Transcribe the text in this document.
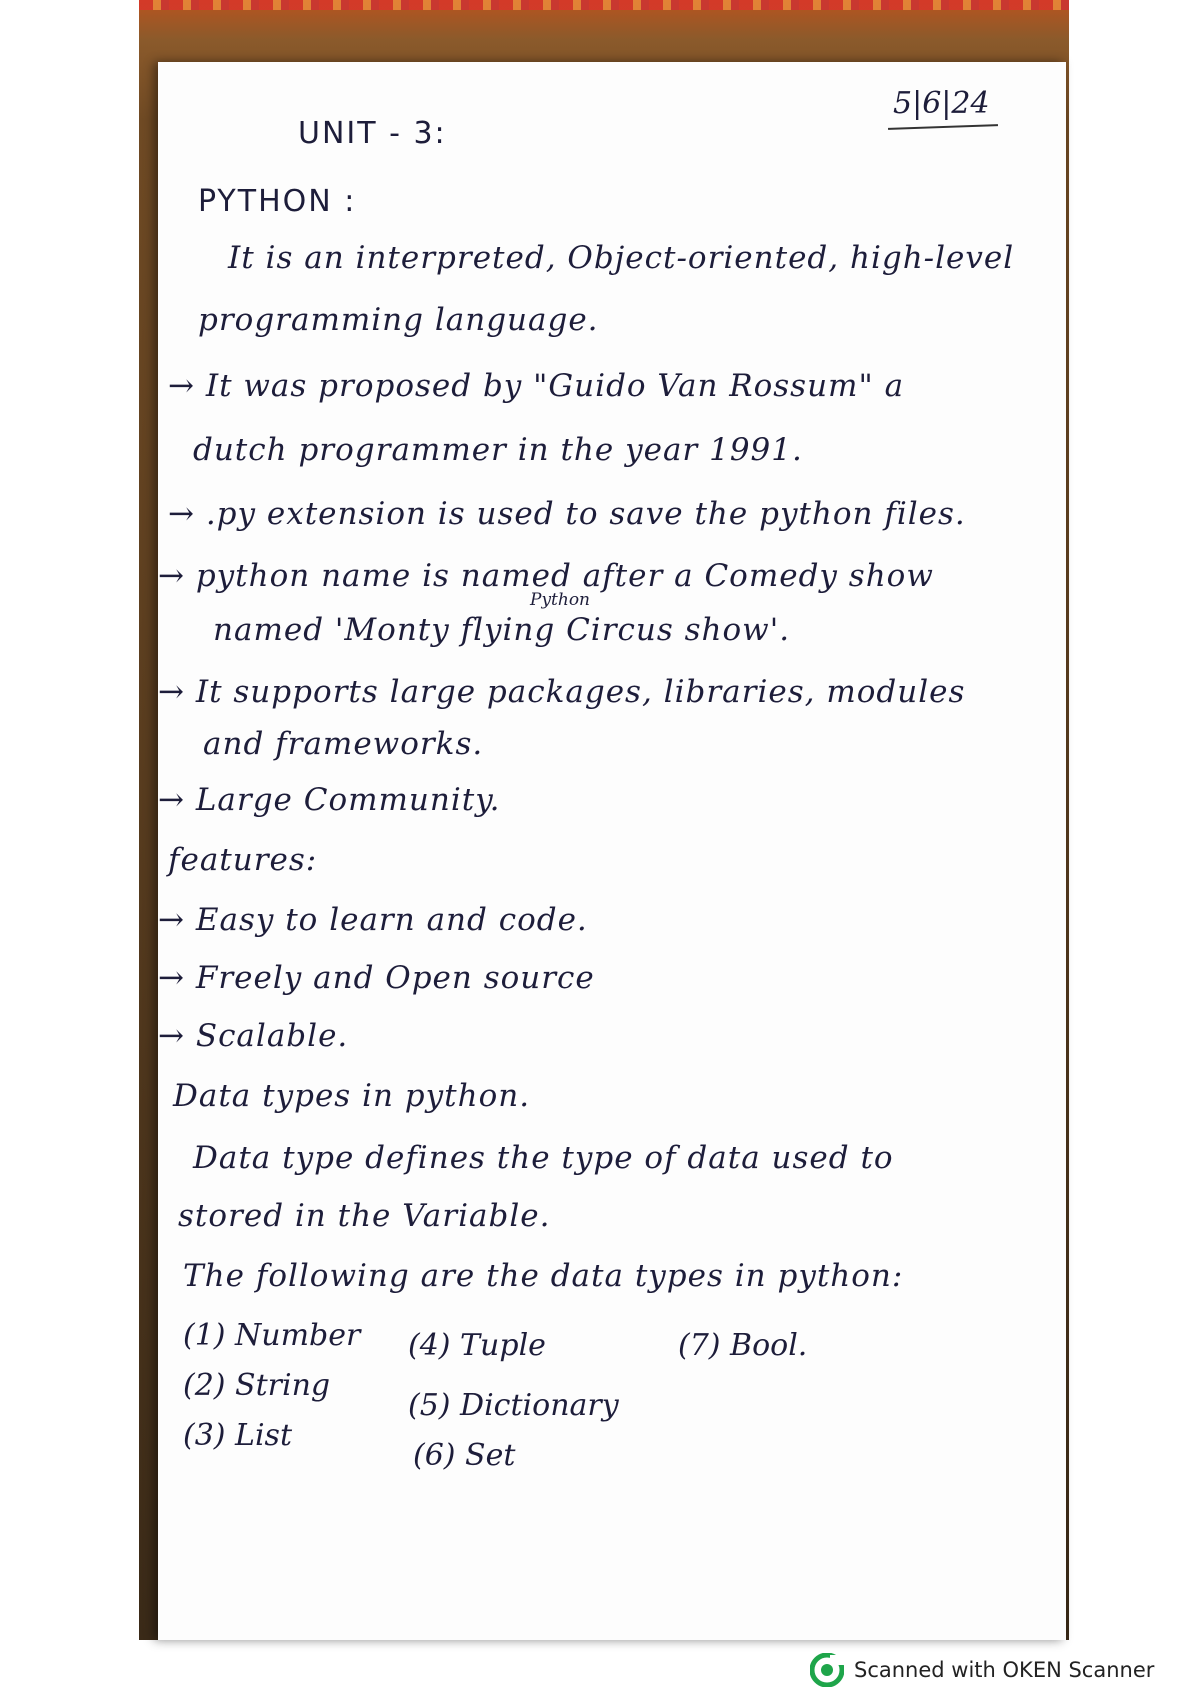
5|6|24
UNIT - 3:
PYTHON :
It is an interpreted, Object-oriented, high-level
programming language.
→ It was proposed by "Guido Van Rossum" a
dutch programmer in the year 1991.
→ .py extension is used to save the python files.
→ python name is named after a Comedy show
Python
named 'Monty flying Circus show'.
→ It supports large packages, libraries, modules
and frameworks.
→ Large Community.
features:
→ Easy to learn and code.
→ Freely and Open source
→ Scalable.
Data types in python.
Data type defines the type of data used to
stored in the Variable.
The following are the data types in python:
(1) Number
(2) String
(3) List
(4) Tuple
(5) Dictionary
(6) Set
(7) Bool.
Scanned with OKEN Scanner
